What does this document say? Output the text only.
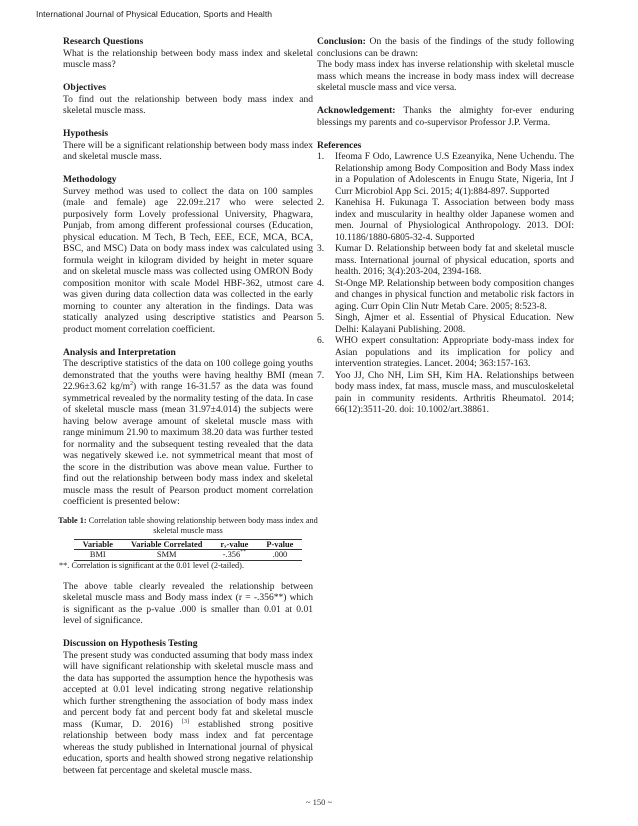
International Journal of Physical Education, Sports and Health

Research Questions

What is the relationship between body mass index and skeletal muscle mass?

Objectives

To find out the relationship between body mass index and skeletal muscle mass.

Hypothesis

There will be a significant relationship between body mass index and skeletal muscle mass.

Methodology

Survey method was used to collect the data on 100 samples (male and female) age 22.09±.217 who were selected purposively form Lovely professional University, Phagwara, Punjab, from among different professional courses (Education, physical education. M Tech, B Tech, EEE, ECE, MCA, BCA, BSC, and MSC) Data on body mass index was calculated using formula weight in kilogram divided by height in meter square and on skeletal muscle mass was collected using OMRON Body composition monitor with scale Model HBF-362, utmost care was given during data collection data was collected in the early morning to counter any alteration in the findings. Data was statically analyzed using descriptive statistics and Pearson product moment correlation coefficient.

Analysis and Interpretation

The descriptive statistics of the data on 100 college going youths demonstrated that the youths were having healthy BMI (mean 22.96±3.62 $kg/m^2$) with range 16-31.57 as the data was found symmetrical revealed by the normality testing of the data. In case of skeletal muscle mass (mean 31.97±4.014) the subjects were having below average amount of skeletal muscle mass with range minimum 21.90 to maximum 38.20 data was further tested for normality and the subsequent testing revealed that the data was negatively skewed i.e. not symmetrical meant that most of the score in the distribution was above mean value. Further to find out the relationship between body mass index and skeletal muscle mass the result of Pearson product moment correlation coefficient is presented below:

Table 1: Correlation table showing relationship between body mass index and skeletal muscle mass
Variable	Variable Correlated	rₓ-value	P-value
BMI	SMM	-.356**	.000
**. Correlation is significant at the 0.01 level (2-tailed).

The above table clearly revealed the relationship between skeletal muscle mass and Body mass index (r = -.356**) which is significant as the p-value .000 is smaller than 0.01 at 0.01 level of significance.

Discussion on Hypothesis Testing

The present study was conducted assuming that body mass index will have significant relationship with skeletal muscle mass and the data has supported the assumption hence the hypothesis was accepted at 0.01 level indicating strong negative relationship which further strengthening the association of body mass index and percent body fat and percent body fat and skeletal muscle mass (Kumar, D. 2016) [3] established strong positive relationship between body mass index and fat percentage whereas the study published in International journal of physical education, sports and health showed strong negative relationship between fat percentage and skeletal muscle mass.

Conclusion: On the basis of the findings of the study following conclusions can be drawn:

The body mass index has inverse relationship with skeletal muscle mass which means the increase in body mass index will decrease skeletal muscle mass and vice versa.

Acknowledgement: Thanks the almighty for-ever enduring blessings my parents and co-supervisor Professor J.P. Verma.

References

1.	Ifeoma F Odo, Lawrence U.S Ezeanyika, Nene Uchendu. The Relationship among Body Composition and Body Mass index in a Population of Adolescents in Enugu State, Nigeria, Int J Curr Microbiol App Sci. 2015; 4(1):884-897. Supported
2.	Kanehisa H. Fukunaga T. Association between body mass index and muscularity in healthy older Japanese women and men. Journal of Physiological Anthropology. 2013. DOI: 10.1186/1880-6805-32-4. Supported
3.	Kumar D. Relationship between body fat and skeletal muscle mass. International journal of physical education, sports and health. 2016; 3(4):203-204, 2394-168.
4.	St-Onge MP. Relationship between body composition changes and changes in physical function and metabolic risk factors in aging. Curr Opin Clin Nutr Metab Care. 2005; 8:523-8.
5.	Singh, Ajmer et al. Essential of Physical Education. New Delhi: Kalayani Publishing. 2008.
6.	WHO expert consultation: Appropriate body-mass index for Asian populations and its implication for policy and intervention strategies. Lancet. 2004; 363:157-163.
7.	Yoo JJ, Cho NH, Lim SH, Kim HA. Relationships between body mass index, fat mass, muscle mass, and musculoskeletal pain in community residents. Arthritis Rheumatol. 2014; 66(12):3511-20. doi: 10.1002/art.38861.
~ 150 ~
